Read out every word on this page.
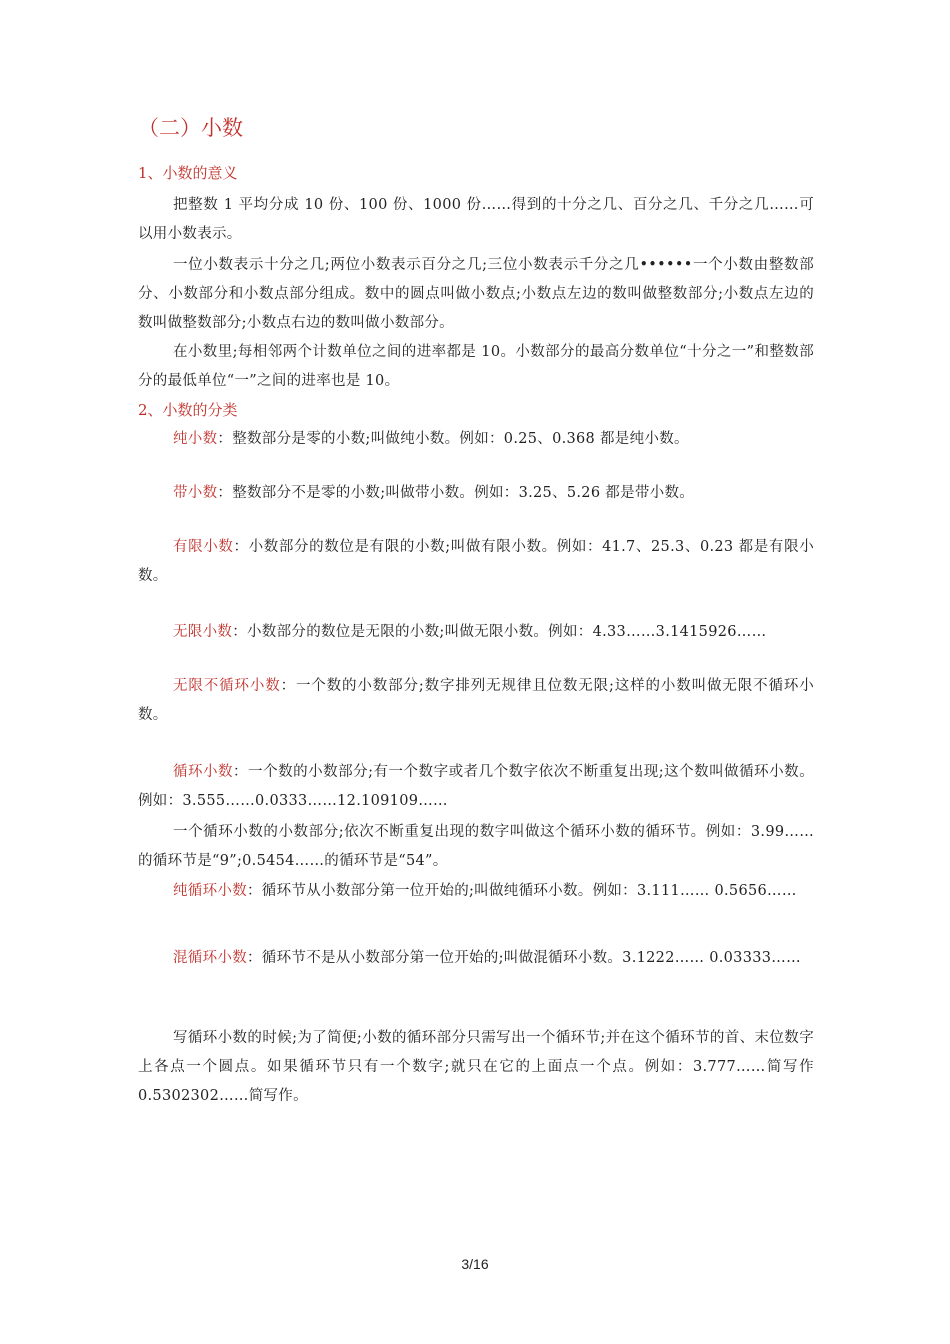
（二）小数
1、小数的意义

把整数 1 平均分成 10 份、100 份、1000 份……得到的十分之几、百分之几、千分之几……可以用小数表示。

一位小数表示十分之几;两位小数表示百分之几;三位小数表示千分之几••••••一个小数由整数部分、小数部分和小数点部分组成。数中的圆点叫做小数点;小数点左边的数叫做整数部分;小数点左边的数叫做整数部分;小数点右边的数叫做小数部分。

在小数里;每相邻两个计数单位之间的进率都是 10。小数部分的最高分数单位“十分之一”和整数部分的最低单位“一”之间的进率也是 10。

2、小数的分类

纯小数：整数部分是零的小数;叫做纯小数。例如：0.25、0.368 都是纯小数。

带小数：整数部分不是零的小数;叫做带小数。例如：3.25、5.26 都是带小数。

有限小数：小数部分的数位是有限的小数;叫做有限小数。例如：41.7、25.3、0.23 都是有限小数。

无限小数：小数部分的数位是无限的小数;叫做无限小数。例如：4.33……3.1415926……

无限不循环小数：一个数的小数部分;数字排列无规律且位数无限;这样的小数叫做无限不循环小数。

循环小数：一个数的小数部分;有一个数字或者几个数字依次不断重复出现;这个数叫做循环小数。例如：3.555……0.0333……12.109109……

一个循环小数的小数部分;依次不断重复出现的数字叫做这个循环小数的循环节。例如：3.99……的循环节是“9”;0.5454……的循环节是“54”。

纯循环小数：循环节从小数部分第一位开始的;叫做纯循环小数。例如：3.111…… 0.5656……

混循环小数：循环节不是从小数部分第一位开始的;叫做混循环小数。3.1222…… 0.03333……

写循环小数的时候;为了简便;小数的循环部分只需写出一个循环节;并在这个循环节的首、末位数字上各点一个圆点。如果循环节只有一个数字;就只在它的上面点一个点。例如：3.777……简写作 0.5302302……简写作。

3/16
